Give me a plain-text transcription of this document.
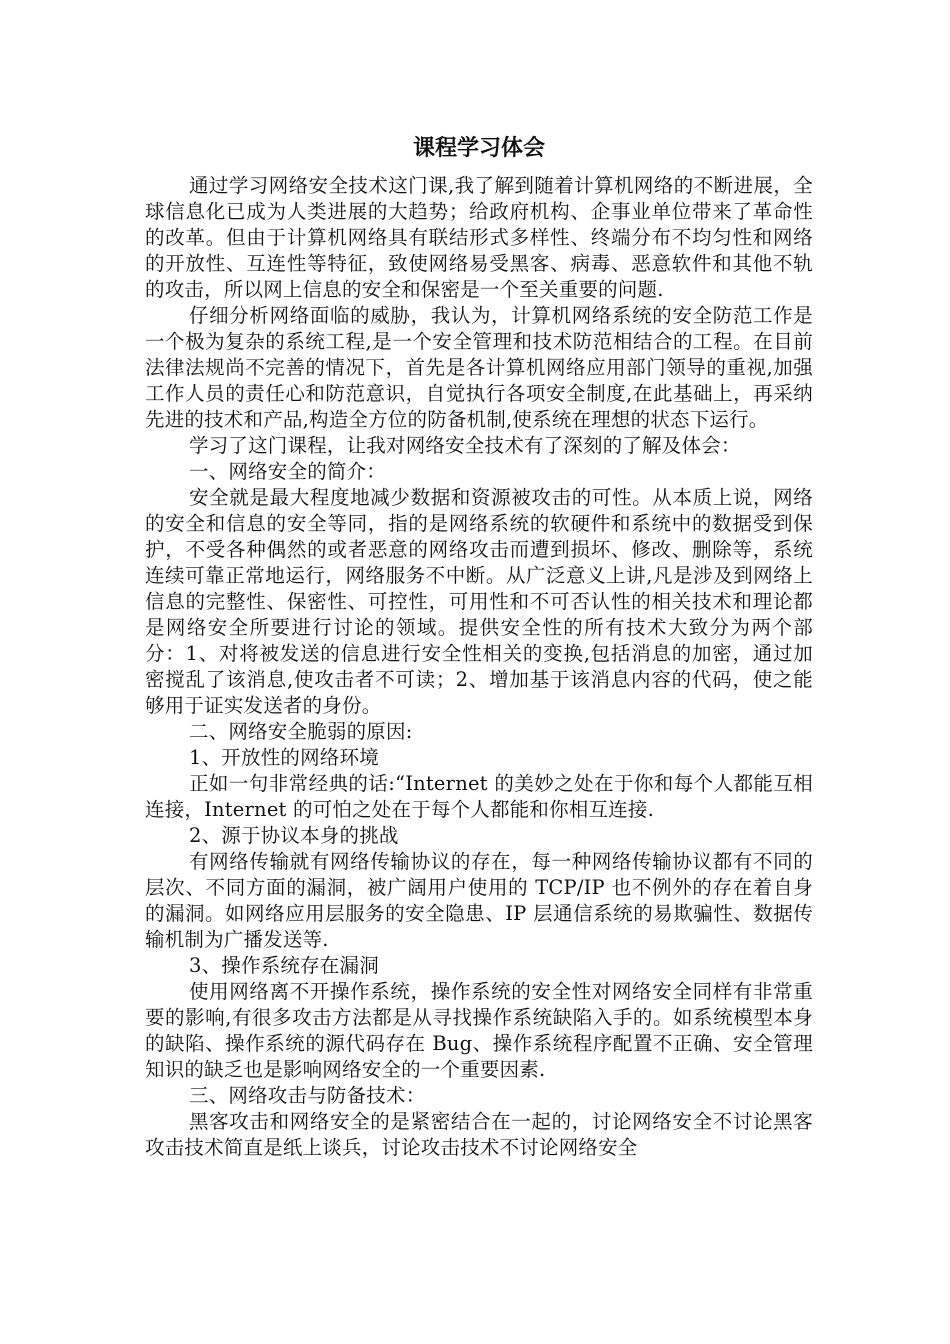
课程学习体会

通过学习网络安全技术这门课,我了解到随着计算机网络的不断进展，全球信息化已成为人类进展的大趋势；给政府机构、企事业单位带来了革命性的改革。但由于计算机网络具有联结形式多样性、终端分布不均匀性和网络的开放性、互连性等特征，致使网络易受黑客、病毒、恶意软件和其他不轨的攻击，所以网上信息的安全和保密是一个至关重要的问题.

仔细分析网络面临的威胁，我认为，计算机网络系统的安全防范工作是一个极为复杂的系统工程,是一个安全管理和技术防范相结合的工程。在目前法律法规尚不完善的情况下，首先是各计算机网络应用部门领导的重视,加强工作人员的责任心和防范意识，自觉执行各项安全制度,在此基础上，再采纳先进的技术和产品,构造全方位的防备机制,使系统在理想的状态下运行。

学习了这门课程，让我对网络安全技术有了深刻的了解及体会：

一、网络安全的简介：

安全就是最大程度地减少数据和资源被攻击的可性。从本质上说，网络的安全和信息的安全等同，指的是网络系统的软硬件和系统中的数据受到保护，不受各种偶然的或者恶意的网络攻击而遭到损坏、修改、删除等，系统连续可靠正常地运行，网络服务不中断。从广泛意义上讲,凡是涉及到网络上信息的完整性、保密性、可控性，可用性和不可否认性的相关技术和理论都是网络安全所要进行讨论的领域。提供安全性的所有技术大致分为两个部分：1、对将被发送的信息进行安全性相关的变换,包括消息的加密，通过加密搅乱了该消息,使攻击者不可读；2、增加基于该消息内容的代码，使之能够用于证实发送者的身份。

二、网络安全脆弱的原因:

1、开放性的网络环境

正如一句非常经典的话:“Internet 的美妙之处在于你和每个人都能互相连接，Internet 的可怕之处在于每个人都能和你相互连接.

2、源于协议本身的挑战

有网络传输就有网络传输协议的存在，每一种网络传输协议都有不同的层次、不同方面的漏洞，被广阔用户使用的 TCP/IP 也不例外的存在着自身的漏洞。如网络应用层服务的安全隐患、IP 层通信系统的易欺骗性、数据传输机制为广播发送等.

3、操作系统存在漏洞

使用网络离不开操作系统，操作系统的安全性对网络安全同样有非常重要的影响,有很多攻击方法都是从寻找操作系统缺陷入手的。如系统模型本身的缺陷、操作系统的源代码存在 Bug、操作系统程序配置不正确、安全管理知识的缺乏也是影响网络安全的一个重要因素.

三、网络攻击与防备技术：

黑客攻击和网络安全的是紧密结合在一起的，讨论网络安全不讨论黑客攻击技术简直是纸上谈兵，讨论攻击技术不讨论网络安全
